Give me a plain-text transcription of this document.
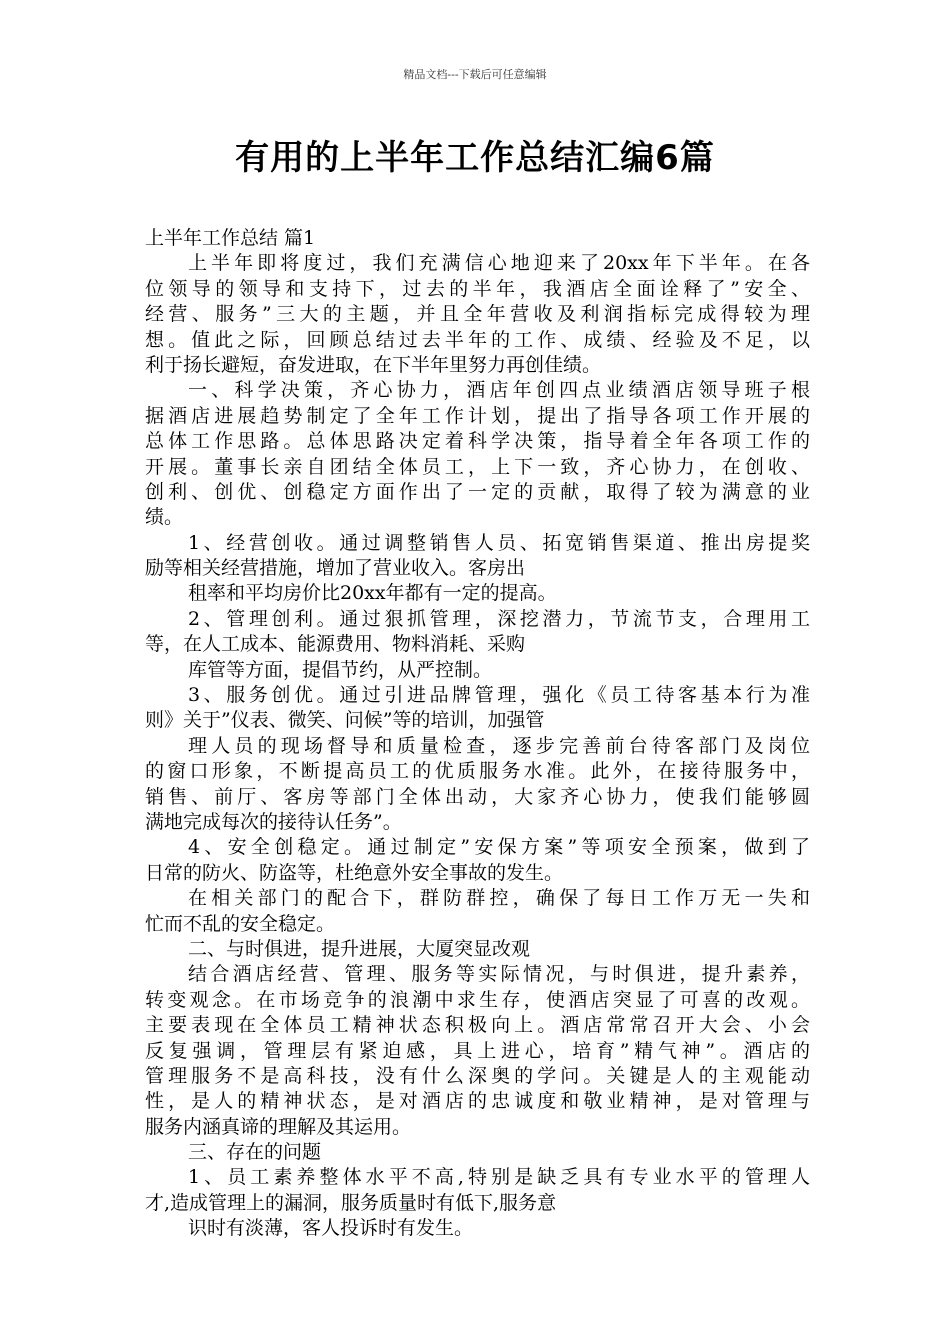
精品文档---下载后可任意编辑
有用的上半年工作总结汇编6篇
上半年工作总结 篇1
上半年即将度过，我们充满信心地迎来了20xx年下半年。在各
位领导的领导和支持下，过去的半年，我酒店全面诠释了”安全、
经营、服务”三大的主题，并且全年营收及利润指标完成得较为理
想。值此之际，回顾总结过去半年的工作、成绩、经验及不足，以
利于扬长避短，奋发进取，在下半年里努力再创佳绩。
一、科学决策，齐心协力，酒店年创四点业绩酒店领导班子根
据酒店进展趋势制定了全年工作计划，提出了指导各项工作开展的
总体工作思路。总体思路决定着科学决策，指导着全年各项工作的
开展。董事长亲自团结全体员工，上下一致，齐心协力，在创收、
创利、创优、创稳定方面作出了一定的贡献，取得了较为满意的业
绩。
1、经营创收。通过调整销售人员、拓宽销售渠道、推出房提奖
励等相关经营措施，增加了营业收入。客房出
租率和平均房价比20xx年都有一定的提高。
2、管理创利。通过狠抓管理，深挖潜力，节流节支，合理用工
等，在人工成本、能源费用、物料消耗、采购
库管等方面，提倡节约，从严控制。
3、服务创优。通过引进品牌管理，强化《员工待客基本行为准
则》关于”仪表、微笑、问候”等的培训，加强管
理人员的现场督导和质量检查，逐步完善前台待客部门及岗位
的窗口形象，不断提高员工的优质服务水准。此外，在接待服务中，
销售、前厅、客房等部门全体出动，大家齐心协力，使我们能够圆
满地完成每次的接待认任务”。
4、安全创稳定。通过制定”安保方案”等项安全预案，做到了
日常的防火、防盗等，杜绝意外安全事故的发生。
在相关部门的配合下，群防群控，确保了每日工作万无一失和
忙而不乱的安全稳定。
二、与时俱进，提升进展，大厦突显改观
结合酒店经营、管理、服务等实际情况，与时俱进，提升素养，
转变观念。在市场竞争的浪潮中求生存，使酒店突显了可喜的改观。
主要表现在全体员工精神状态积极向上。酒店常常召开大会、小会
反复强调，管理层有紧迫感，具上进心，培育”精气神”。酒店的
管理服务不是高科技，没有什么深奥的学问。关键是人的主观能动
性，是人的精神状态，是对酒店的忠诚度和敬业精神，是对管理与
服务内涵真谛的理解及其运用。
三、存在的问题
1、员工素养整体水平不高,特别是缺乏具有专业水平的管理人
才,造成管理上的漏洞，服务质量时有低下,服务意
识时有淡薄，客人投诉时有发生。
